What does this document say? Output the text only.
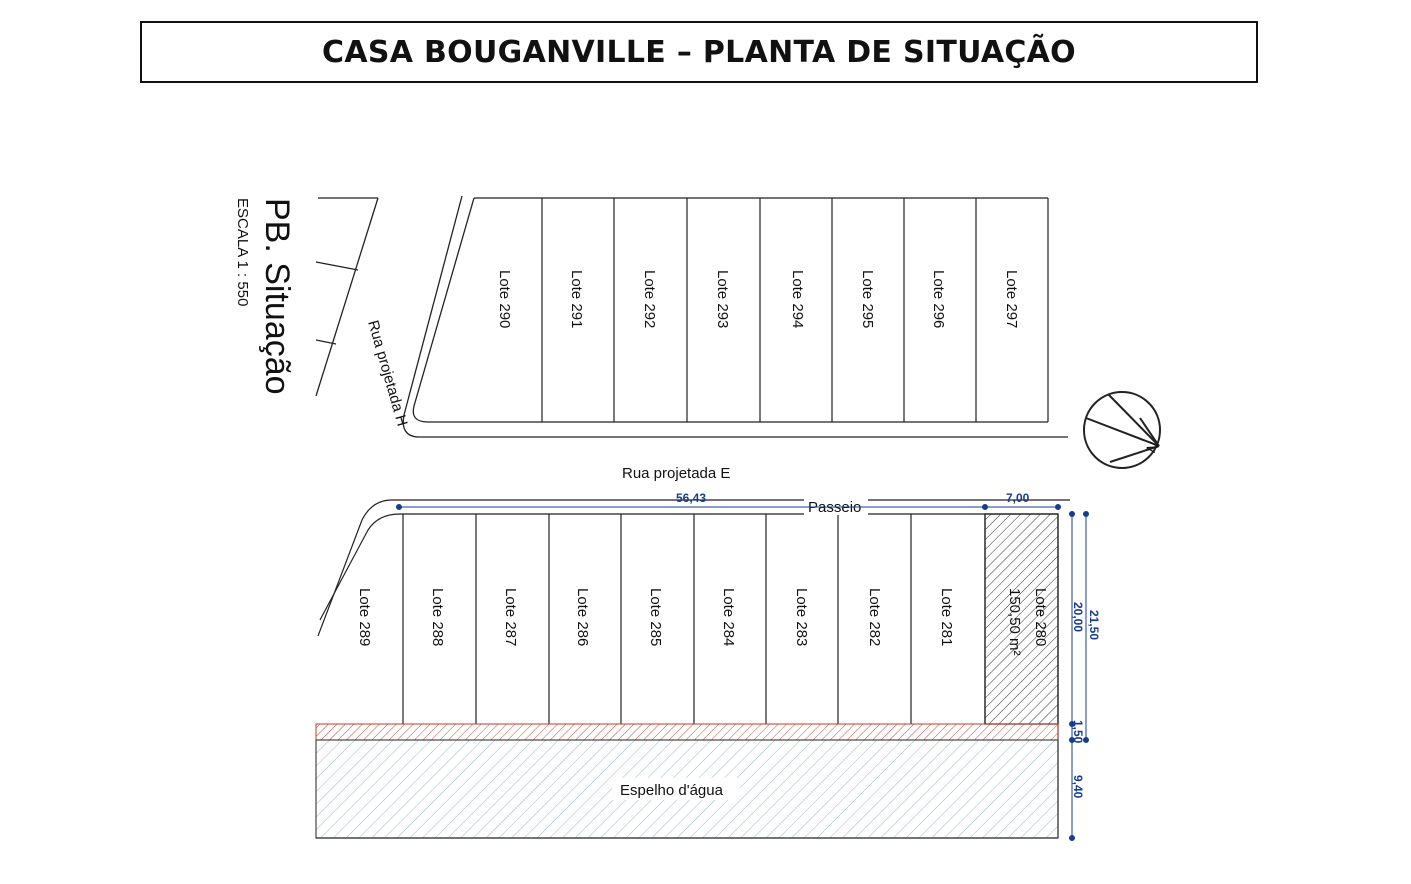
CASA BOUGANVILLE – PLANTA DE SITUAÇÃO
PB. Situação
ESCALA 1 : 550
Rua projetada H
Lote 290	Lote 291	Lote 292	Lote 293	Lote 294	Lote 295	Lote 296	Lote 297
N
Rua projetada E
Espelho d'água
Lote 289	Lote 288	Lote 287	Lote 286	Lote 285	Lote 284	Lote 283	Lote 282	Lote 281	Lote 280
150,50 m²
Passeio
56,43	7,00
20,00 21,50
1,50
9,40
